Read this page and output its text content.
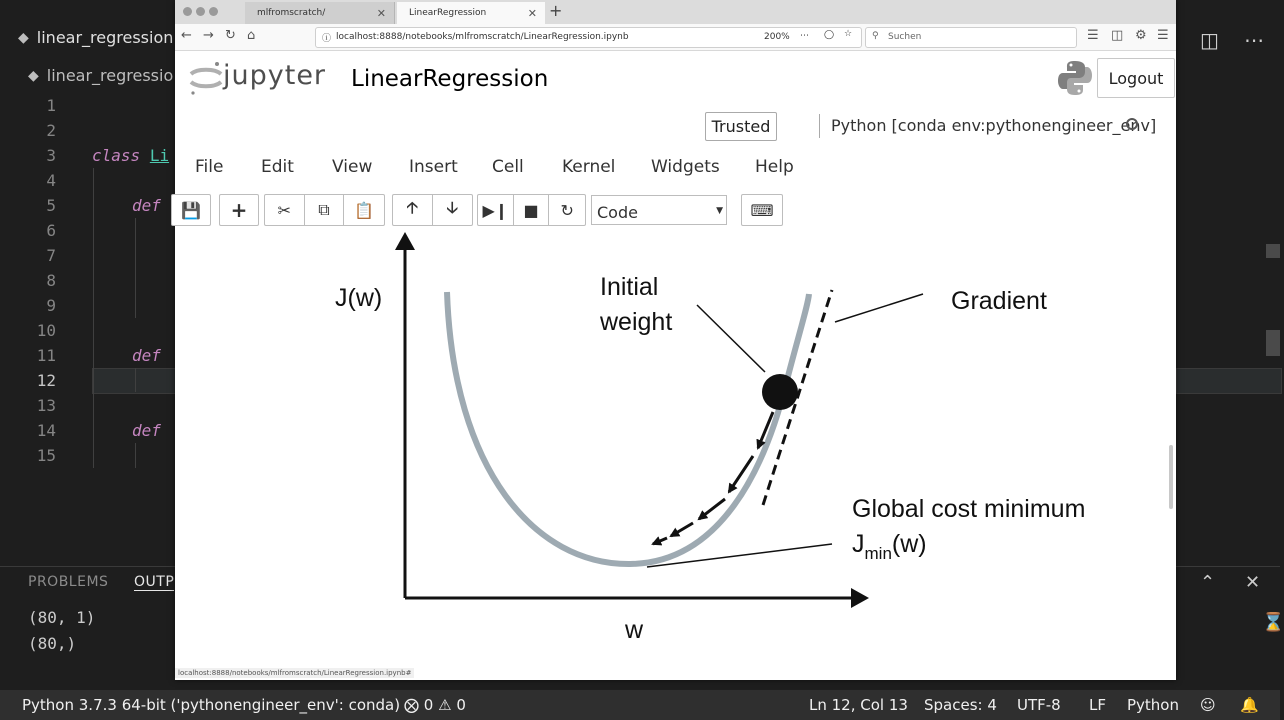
◆ linear_regression
◆ linear_regressio
◫ ⋯
1
2
3
4
5
6
7
8
9
10
11
12
13
14
15
class Li
def
def
def
PROBLEMS OUTP	⌃ ✕
(80, 1)
(80,)
⌛
Python 3.7.3 64-bit ('pythonengineer_env': conda) ⨂ 0 ⚠ 0	Ln 12, Col 13 Spaces: 4 UTF-8 LF Python ☺ 🔔
mlfromscratch/	✕	LinearRegression	✕ +
← → ↻ ⌂	ⓘ localhost:8888/notebooks/mlfromscratch/LinearRegression.ipynb	200% ⋯ ◯ ☆ ⚲ Suchen	☰ ◫ ⚙ ☰
jupyter LinearRegression	Logout
Trusted	Python [conda env:pythonengineer_env]
File Edit View Insert Cell Kernel Widgets Help
💾 + ✂ ⧉ 📋 🡡 🡣 ▶❙ ■ ↻	Code	▼ ⌨
J(w)
w
Initial
weight
Gradient
Global cost minimum
$J_{min}(w)$
localhost:8888/notebooks/mlfromscratch/LinearRegression.ipynb#
